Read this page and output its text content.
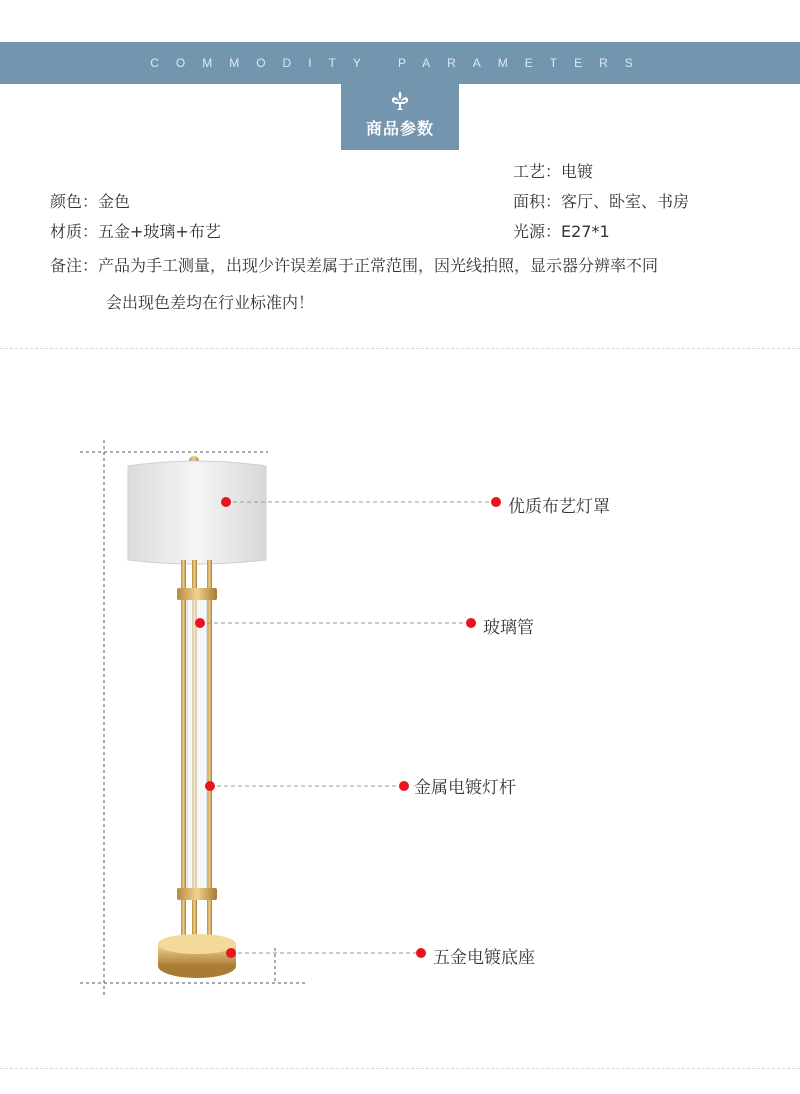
COMMODITY PARAMETERS
商品参数
工艺：电镀
颜色：金色	面积：客厅、卧室、书房
材质：五金+玻璃+布艺	光源：E27*1
备注：产品为手工测量，出现少许误差属于正常范围，因光线拍照，显示器分辨率不同
会出现色差均在行业标准内！
优质布艺灯罩
玻璃管
金属电镀灯杆
五金电镀底座
